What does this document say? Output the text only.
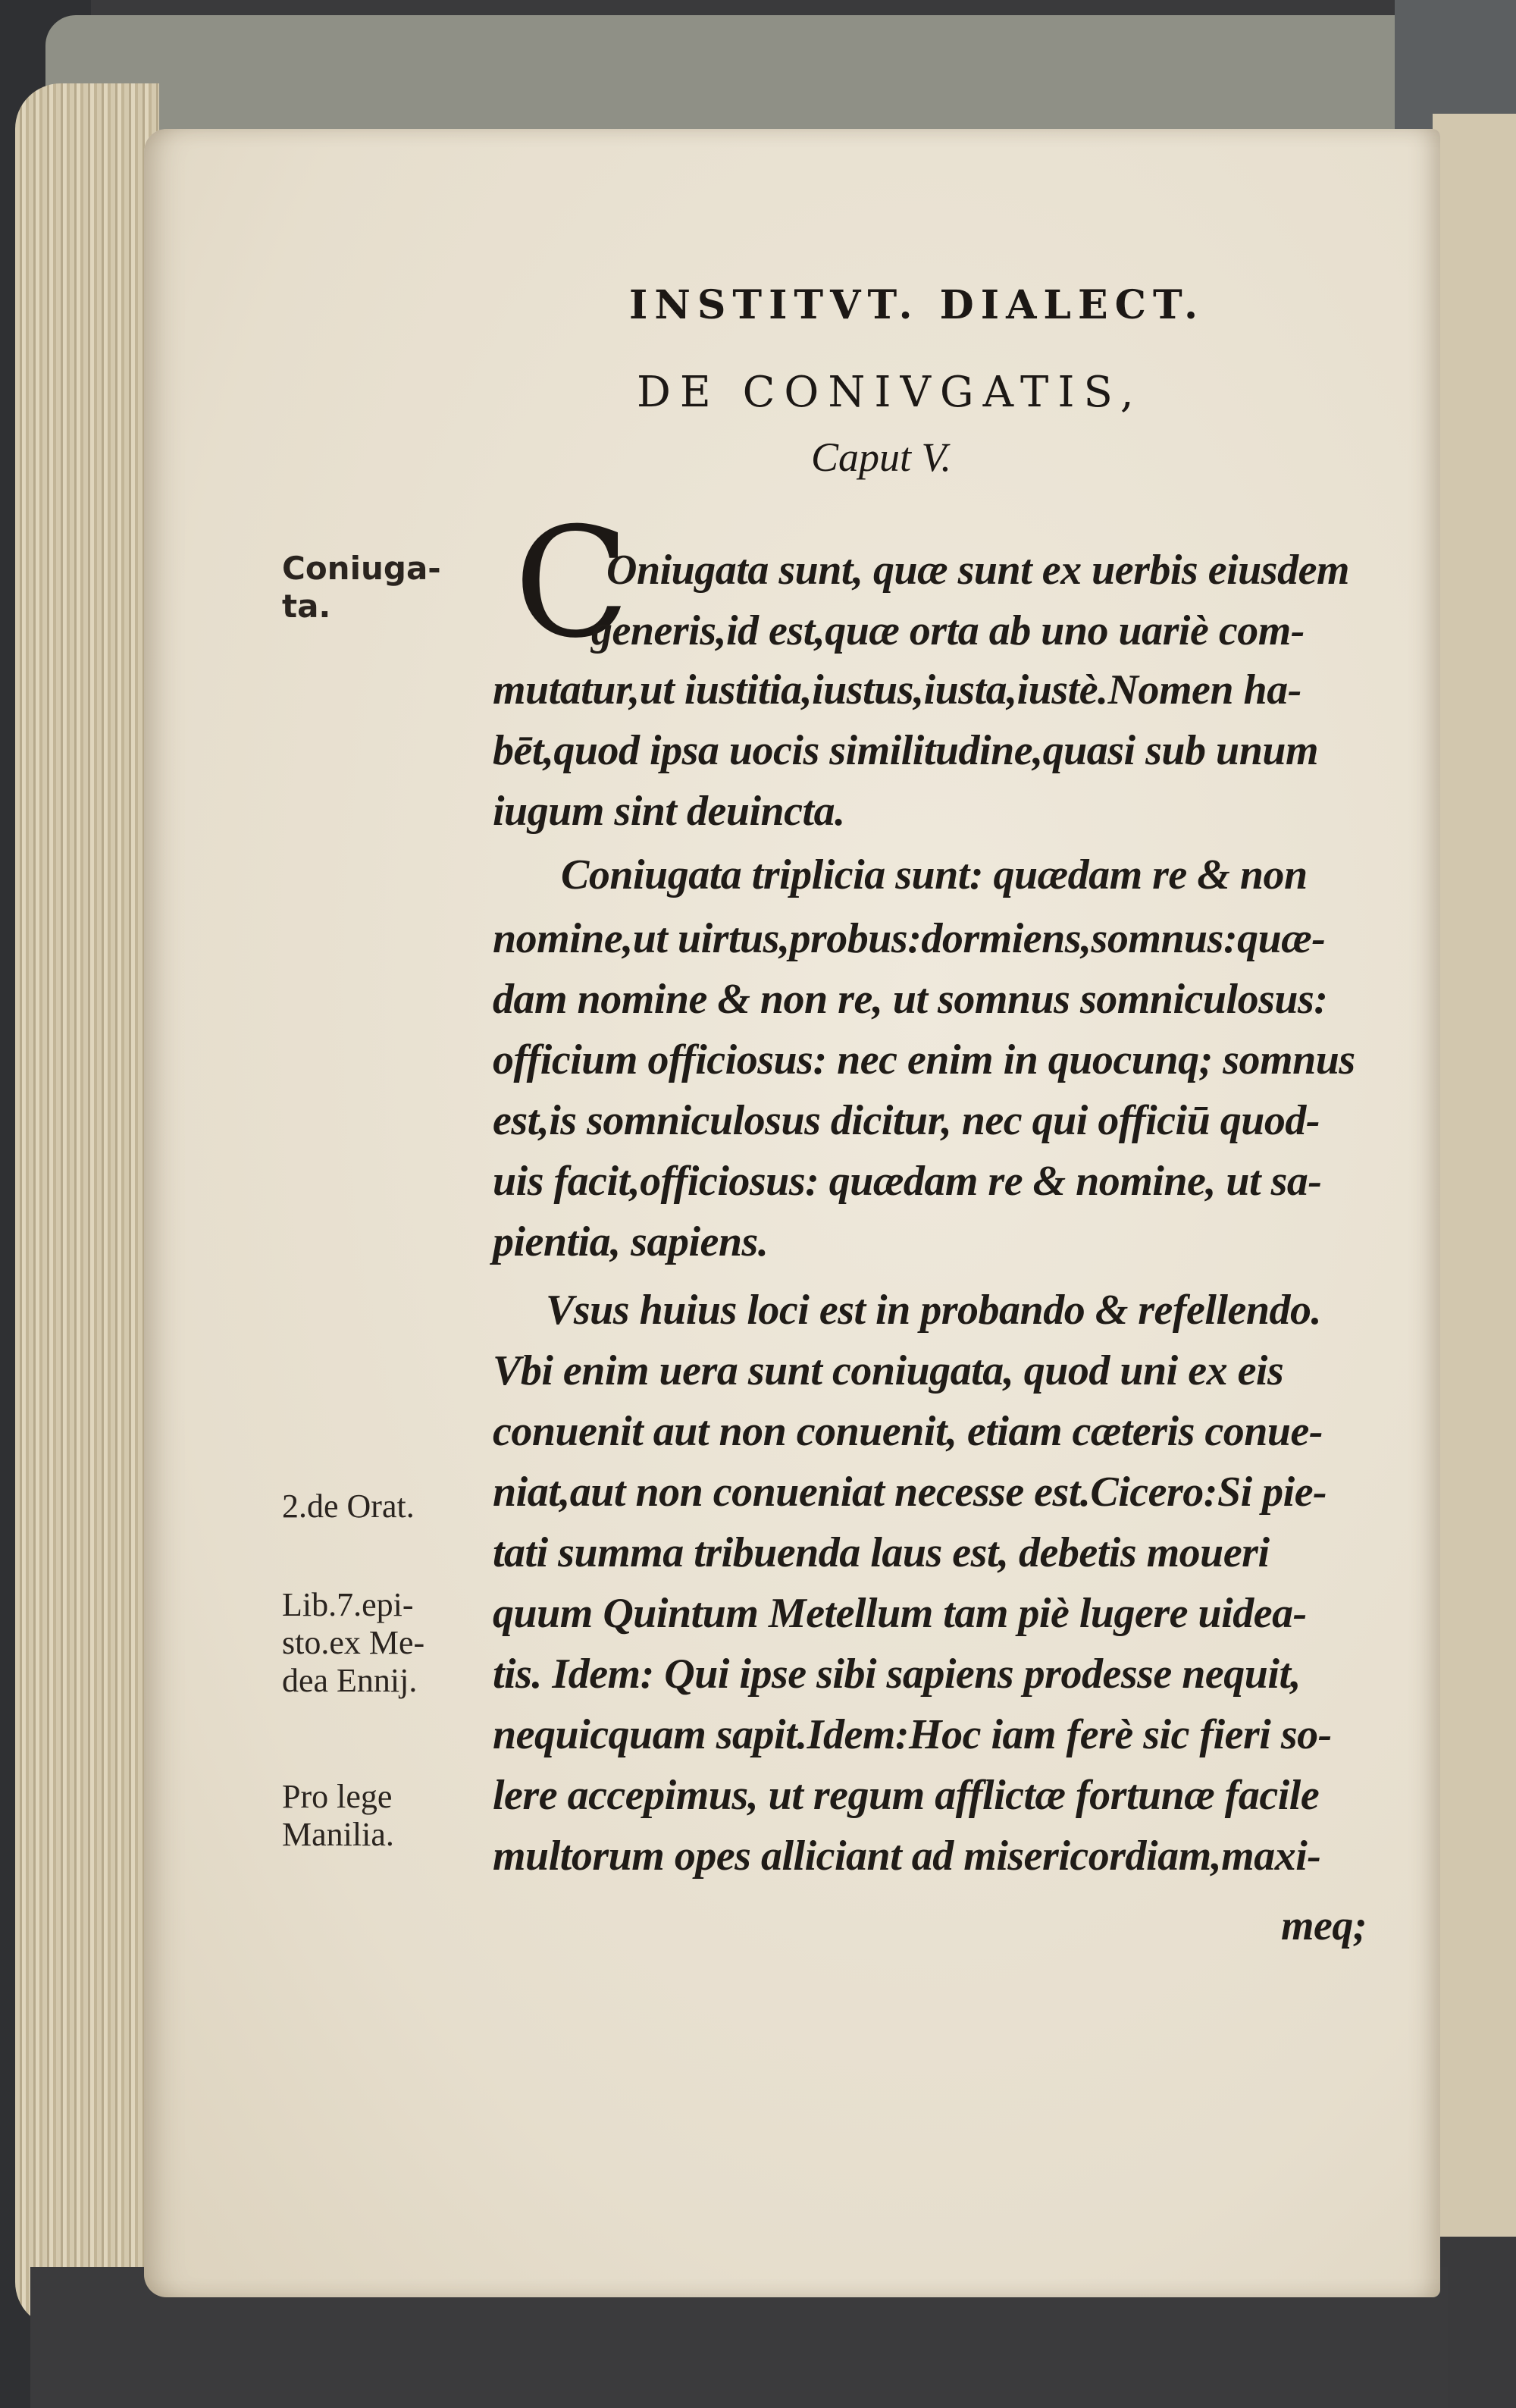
INSTITVT. DIALECT.
DE CONIVGATIS,
Caput V.
C
Coniuga-
ta.
2.de Orat.
Lib.7.epi-
sto.ex Me-
dea Ennij.
Pro lege
Manilia.
Oniugata sunt, quæ sunt ex uerbis eiusdem
generis,id est,quæ orta ab uno uariè com-
mutatur,ut iustitia,iustus,iusta,iustè.Nomen ha-
bēt,quod ipsa uocis similitudine,quasi sub unum
iugum sint deuincta.
Coniugata triplicia sunt: quædam re & non
nomine,ut uirtus,probus:dormiens,somnus:quæ-
dam nomine & non re, ut somnus somniculosus:
officium officiosus: nec enim in quocunq; somnus
est,is somniculosus dicitur, nec qui officiū quod-
uis facit,officiosus: quædam re & nomine, ut sa-
pientia, sapiens.
Vsus huius loci est in probando & refellendo.
Vbi enim uera sunt coniugata, quod uni ex eis
conuenit aut non conuenit, etiam cæteris conue-
niat,aut non conueniat necesse est.Cicero:Si pie-
tati summa tribuenda laus est, debetis moueri
quum Quintum Metellum tam piè lugere uideа-
tis. Idem: Qui ipse sibi sapiens prodesse nequit,
nequicquam sapit.Idem:Hoc iam ferè sic fieri so-
lere accepimus, ut regum afflictæ fortunæ facile
multorum opes alliciant ad misericordiam,maxi-
meq;
